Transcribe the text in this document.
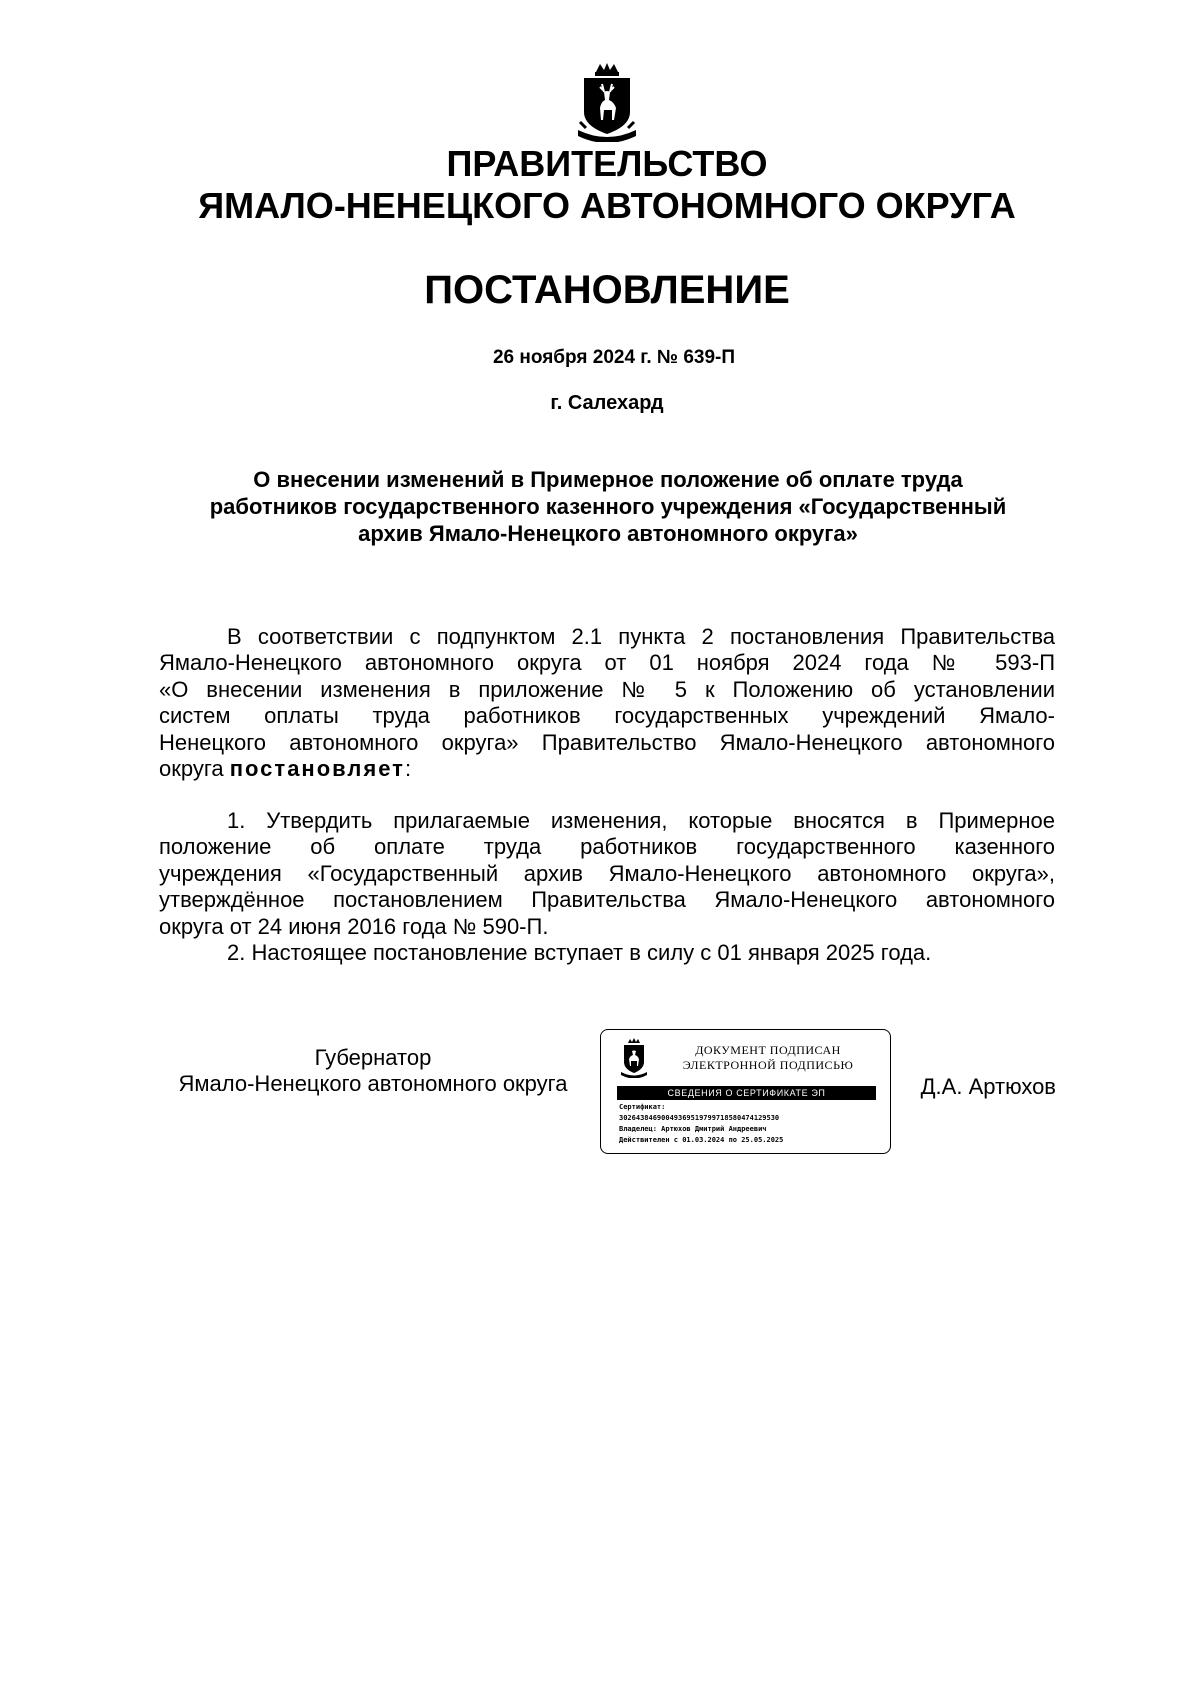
ПРАВИТЕЛЬСТВО
ЯМАЛО-НЕНЕЦКОГО АВТОНОМНОГО ОКРУГА
ПОСТАНОВЛЕНИЕ
26 ноября 2024 г. № 639-П
г. Салехард
О внесении изменений в Примерное положение об оплате труда
работников государственного казенного учреждения «Государственный
архив Ямало-Ненецкого автономного округа»
В соответствии с подпунктом 2.1 пункта 2 постановления Правительства
Ямало-Ненецкого автономного округа от 01 ноября 2024 года № 593-П
«О внесении изменения в приложение № 5 к Положению об установлении
систем оплаты труда работников государственных учреждений Ямало-
Ненецкого автономного округа» Правительство Ямало-Ненецкого автономного
округа постановляет:
1. Утвердить прилагаемые изменения, которые вносятся в Примерное
положение об оплате труда работников государственного казенного
учреждения «Государственный архив Ямало-Ненецкого автономного округа»,
утверждённое постановлением Правительства Ямало-Ненецкого автономного
округа от 24 июня 2016 года № 590-П.
2. Настоящее постановление вступает в силу с 01 января 2025 года.
Губернатор
Ямало-Ненецкого автономного округа
ДОКУМЕНТ ПОДПИСАН
ЭЛЕКТРОННОЙ ПОДПИСЬЮ
СВЕДЕНИЯ О СЕРТИФИКАТЕ ЭП
Сертификат:
30264384690049369519799718580474129530
Владелец: Артюхов Дмитрий Андреевич
Действителен с 01.03.2024 по 25.05.2025
Д.А. Артюхов
